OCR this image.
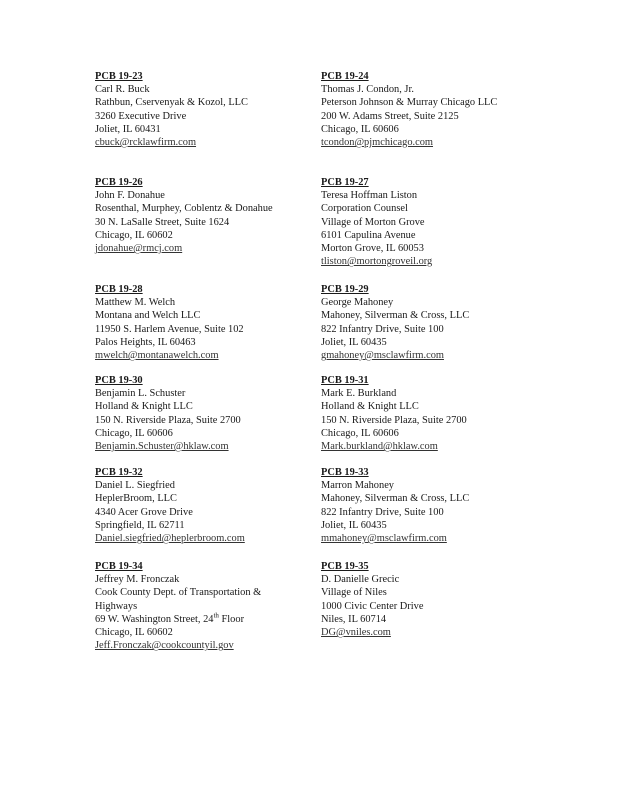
PCB 19-23
Carl R. Buck
Rathbun, Cservenyak & Kozol, LLC
3260 Executive Drive
Joliet, IL 60431
cbuck@rcklawfirm.com
PCB 19-24
Thomas J. Condon, Jr.
Peterson Johnson & Murray Chicago LLC
200 W. Adams Street, Suite 2125
Chicago, IL 60606
tcondon@pjmchicago.com
PCB 19-26
John F. Donahue
Rosenthal, Murphey, Coblentz & Donahue
30 N. LaSalle Street, Suite 1624
Chicago, IL 60602
jdonahue@rmcj.com
PCB 19-27
Teresa Hoffman Liston
Corporation Counsel
Village of Morton Grove
6101 Capulina Avenue
Morton Grove, IL 60053
tliston@mortongroveil.org
PCB 19-28
Matthew M. Welch
Montana and Welch LLC
11950 S. Harlem Avenue, Suite 102
Palos Heights, IL 60463
mwelch@montanawelch.com
PCB 19-29
George Mahoney
Mahoney, Silverman & Cross, LLC
822 Infantry Drive, Suite 100
Joliet, IL 60435
gmahoney@msclawfirm.com
PCB 19-30
Benjamin L. Schuster
Holland & Knight LLC
150 N. Riverside Plaza, Suite 2700
Chicago, IL 60606
Benjamin.Schuster@hklaw.com
PCB 19-31
Mark E. Burkland
Holland & Knight LLC
150 N. Riverside Plaza, Suite 2700
Chicago, IL 60606
Mark.burkland@hklaw.com
PCB 19-32
Daniel L. Siegfried
HeplerBroom, LLC
4340 Acer Grove Drive
Springfield, IL 62711
Daniel.siegfried@heplerbroom.com
PCB 19-33
Marron Mahoney
Mahoney, Silverman & Cross, LLC
822 Infantry Drive, Suite 100
Joliet, IL 60435
mmahoney@msclawfirm.com
PCB 19-34
Jeffrey M. Fronczak
Cook County Dept. of Transportation & Highways
69 W. Washington Street, 24th Floor
Chicago, IL 60602
Jeff.Fronczak@cookcountyil.gov
PCB 19-35
D. Danielle Grecic
Village of Niles
1000 Civic Center Drive
Niles, IL 60714
DG@vniles.com
